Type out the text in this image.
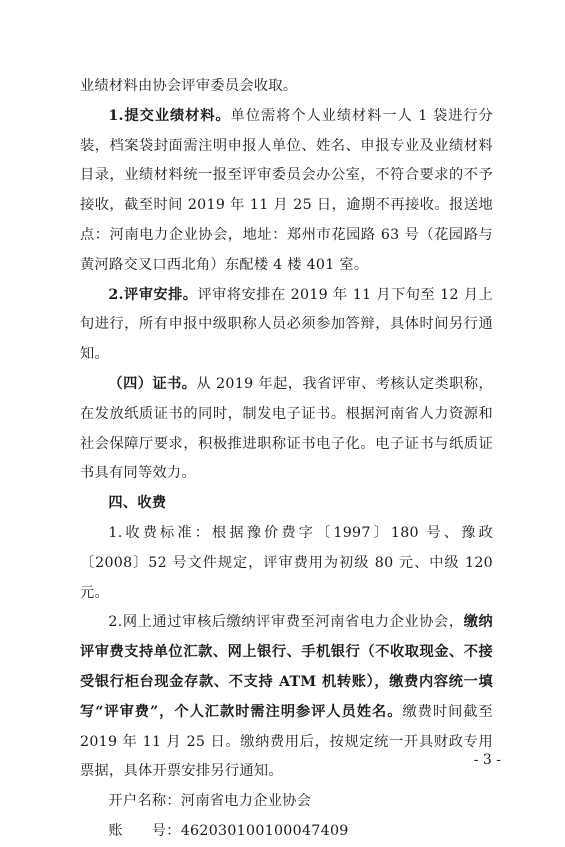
业绩材料由协会评审委员会收取。

1.提交业绩材料。单位需将个人业绩材料一人 1 袋进行分装，档案袋封面需注明申报人单位、姓名、申报专业及业绩材料目录，业绩材料统一报至评审委员会办公室，不符合要求的不予接收，截至时间 2019 年 11 月 25 日，逾期不再接收。报送地点：河南电力企业协会，地址：郑州市花园路 63 号（花园路与黄河路交叉口西北角）东配楼 4 楼 401 室。

2.评审安排。评审将安排在 2019 年 11 月下旬至 12 月上旬进行，所有申报中级职称人员必须参加答辩，具体时间另行通知。

（四）证书。从 2019 年起，我省评审、考核认定类职称，在发放纸质证书的同时，制发电子证书。根据河南省人力资源和社会保障厅要求，积极推进职称证书电子化。电子证书与纸质证书具有同等效力。

四、收费

1.收费标准：根据豫价费字〔1997〕180 号、豫政〔2008〕52 号文件规定，评审费用为初级 80 元、中级 120 元。

2.网上通过审核后缴纳评审费至河南省电力企业协会，缴纳评审费支持单位汇款、网上银行、手机银行（不收取现金、不接受银行柜台现金存款、不支持 ATM 机转账），缴费内容统一填写“评审费”，个人汇款时需注明参评人员姓名。缴费时间截至 2019 年 11 月 25 日。缴纳费用后，按规定统一开具财政专用票据，具体开票安排另行通知。

开户名称：河南省电力企业协会

账      号：462030100100047409

- 3 -
